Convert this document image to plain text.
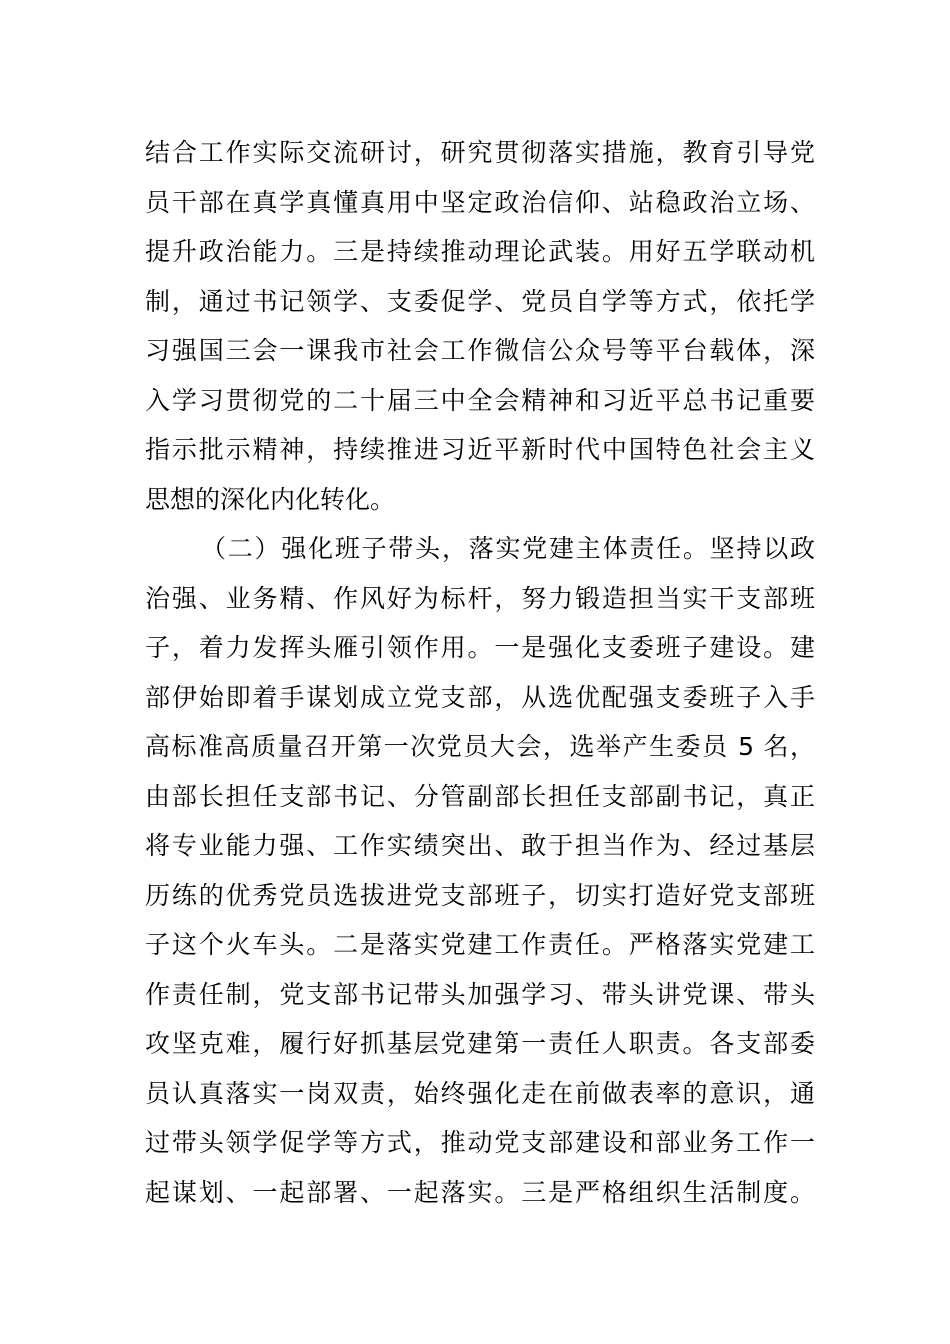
结合工作实际交流研讨，研究贯彻落实措施，教育引导党
员干部在真学真懂真用中坚定政治信仰、站稳政治立场、
提升政治能力。三是持续推动理论武装。用好五学联动机
制，通过书记领学、支委促学、党员自学等方式，依托学
习强国三会一课我市社会工作微信公众号等平台载体，深
入学习贯彻党的二十届三中全会精神和习近平总书记重要
指示批示精神，持续推进习近平新时代中国特色社会主义
思想的深化内化转化。
（二）强化班子带头，落实党建主体责任。坚持以政
治强、业务精、作风好为标杆，努力锻造担当实干支部班
子，着力发挥头雁引领作用。一是强化支委班子建设。建
部伊始即着手谋划成立党支部，从选优配强支委班子入手
高标准高质量召开第一次党员大会，选举产生委员 5 名，
由部长担任支部书记、分管副部长担任支部副书记，真正
将专业能力强、工作实绩突出、敢于担当作为、经过基层
历练的优秀党员选拔进党支部班子，切实打造好党支部班
子这个火车头。二是落实党建工作责任。严格落实党建工
作责任制，党支部书记带头加强学习、带头讲党课、带头
攻坚克难，履行好抓基层党建第一责任人职责。各支部委
员认真落实一岗双责，始终强化走在前做表率的意识，通
过带头领学促学等方式，推动党支部建设和部业务工作一
起谋划、一起部署、一起落实。三是严格组织生活制度。
